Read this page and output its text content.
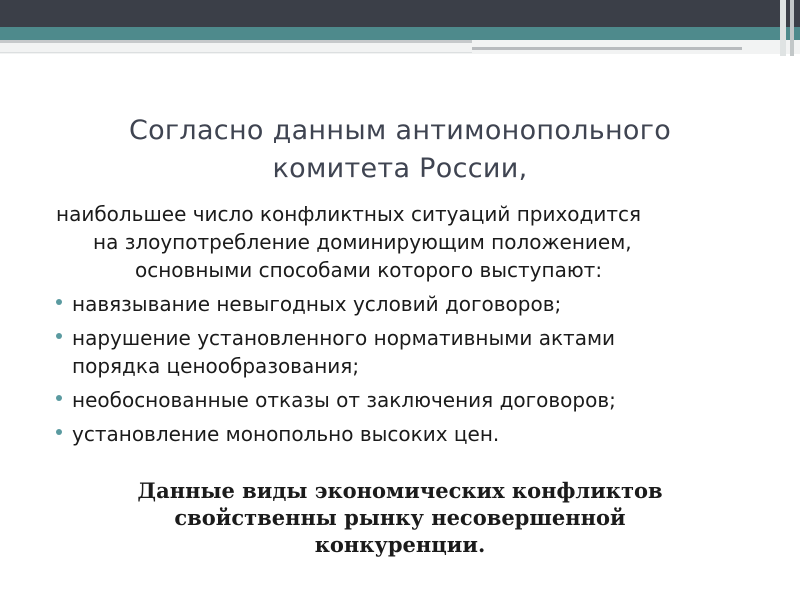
Согласно данным антимонопольного
комитета России,
наибольшее число конфликтных ситуаций приходится
на злоупотребление доминирующим положением,
основными способами которого выступают:
навязывание невыгодных условий договоров;
нарушение установленного нормативными актами
порядка ценообразования;
необоснованные отказы от заключения договоров;
установление монопольно высоких цен.
Данные виды экономических конфликтов
свойственны рынку несовершенной
конкуренции.
